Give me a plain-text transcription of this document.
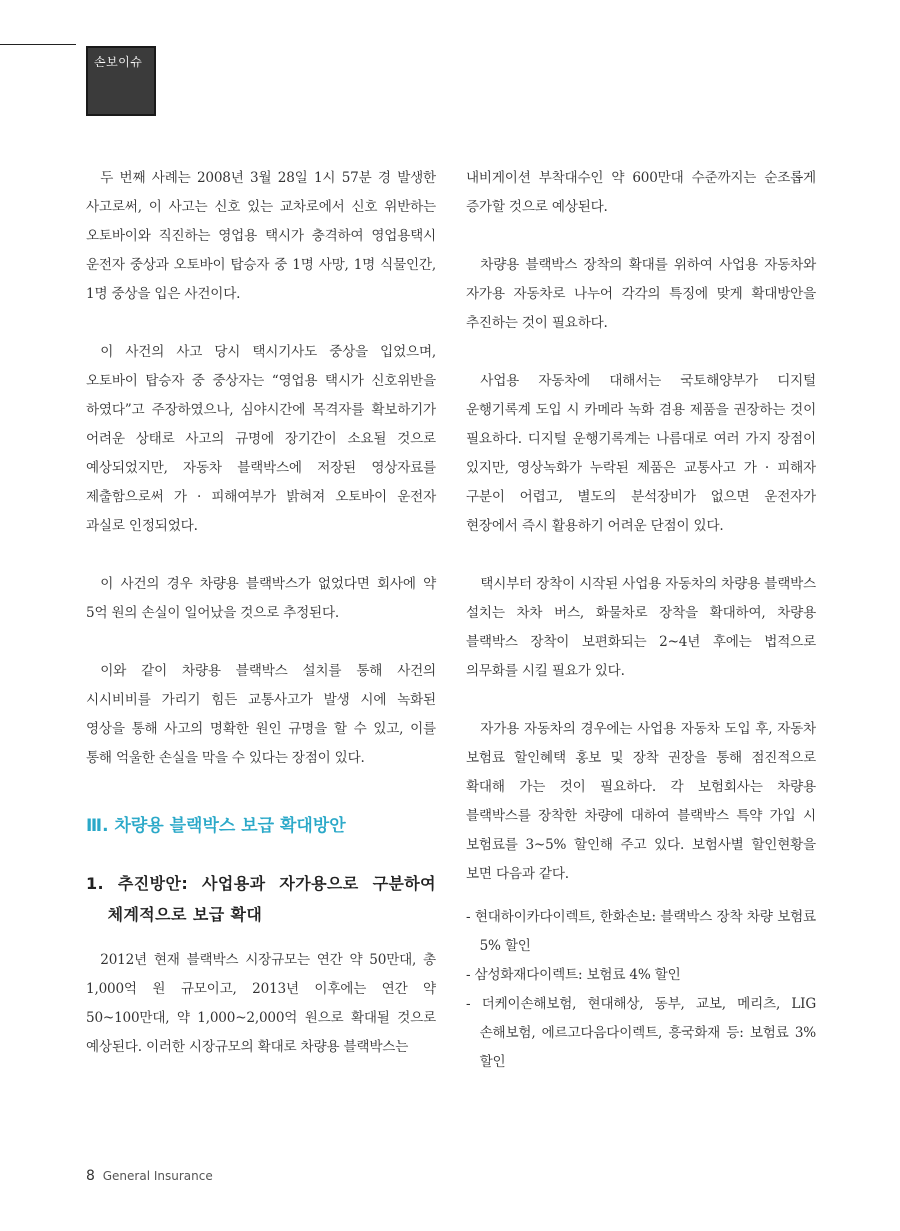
손보이슈

두 번째 사례는 2008년 3월 28일 1시 57분 경 발생한 사고로써, 이 사고는 신호 있는 교차로에서 신호 위반하는 오토바이와 직진하는 영업용 택시가 충격하여 영업용택시 운전자 중상과 오토바이 탑승자 중 1명 사망, 1명 식물인간, 1명 중상을 입은 사건이다.

이 사건의 사고 당시 택시기사도 중상을 입었으며, 오토바이 탑승자 중 중상자는 “영업용 택시가 신호위반을 하였다”고 주장하였으나, 심야시간에 목격자를 확보하기가 어려운 상태로 사고의 규명에 장기간이 소요될 것으로 예상되었지만, 자동차 블랙박스에 저장된 영상자료를 제출함으로써 가 · 피해여부가 밝혀져 오토바이 운전자 과실로 인정되었다.

이 사건의 경우 차량용 블랙박스가 없었다면 회사에 약 5억 원의 손실이 일어났을 것으로 추정된다.

이와 같이 차량용 블랙박스 설치를 통해 사건의 시시비비를 가리기 힘든 교통사고가 발생 시에 녹화된 영상을 통해 사고의 명확한 원인 규명을 할 수 있고, 이를 통해 억울한 손실을 막을 수 있다는 장점이 있다.

Ⅲ. 차량용 블랙박스 보급 확대방안
1. 추진방안: 사업용과 자가용으로 구분하여 체계적으로 보급 확대

2012년 현재 블랙박스 시장규모는 연간 약 50만대, 총 1,000억 원 규모이고, 2013년 이후에는 연간 약 50~100만대, 약 1,000~2,000억 원으로 확대될 것으로 예상된다. 이러한 시장규모의 확대로 차량용 블랙박스는

내비게이션 부착대수인 약 600만대 수준까지는 순조롭게 증가할 것으로 예상된다.

차량용 블랙박스 장착의 확대를 위하여 사업용 자동차와 자가용 자동차로 나누어 각각의 특징에 맞게 확대방안을 추진하는 것이 필요하다.

사업용 자동차에 대해서는 국토해양부가 디지털 운행기록계 도입 시 카메라 녹화 겸용 제품을 권장하는 것이 필요하다. 디지털 운행기록계는 나름대로 여러 가지 장점이 있지만, 영상녹화가 누락된 제품은 교통사고 가 · 피해자 구분이 어렵고, 별도의 분석장비가 없으면 운전자가 현장에서 즉시 활용하기 어려운 단점이 있다.

택시부터 장착이 시작된 사업용 자동차의 차량용 블랙박스 설치는 차차 버스, 화물차로 장착을 확대하여, 차량용 블랙박스 장착이 보편화되는 2~4년 후에는 법적으로 의무화를 시킬 필요가 있다.

자가용 자동차의 경우에는 사업용 자동차 도입 후, 자동차 보험료 할인혜택 홍보 및 장착 권장을 통해 점진적으로 확대해 가는 것이 필요하다. 각 보험회사는 차량용 블랙박스를 장착한 차량에 대하여 블랙박스 특약 가입 시 보험료를 3~5% 할인해 주고 있다. 보험사별 할인현황을 보면 다음과 같다.

- 현대하이카다이렉트, 한화손보: 블랙박스 장착 차량 보험료 5% 할인
- 삼성화재다이렉트: 보험료 4% 할인
- 더케이손해보험, 현대해상, 동부, 교보, 메리츠, LIG 손해보험, 에르고다음다이렉트, 흥국화재 등: 보험료 3% 할인
8 General Insurance
